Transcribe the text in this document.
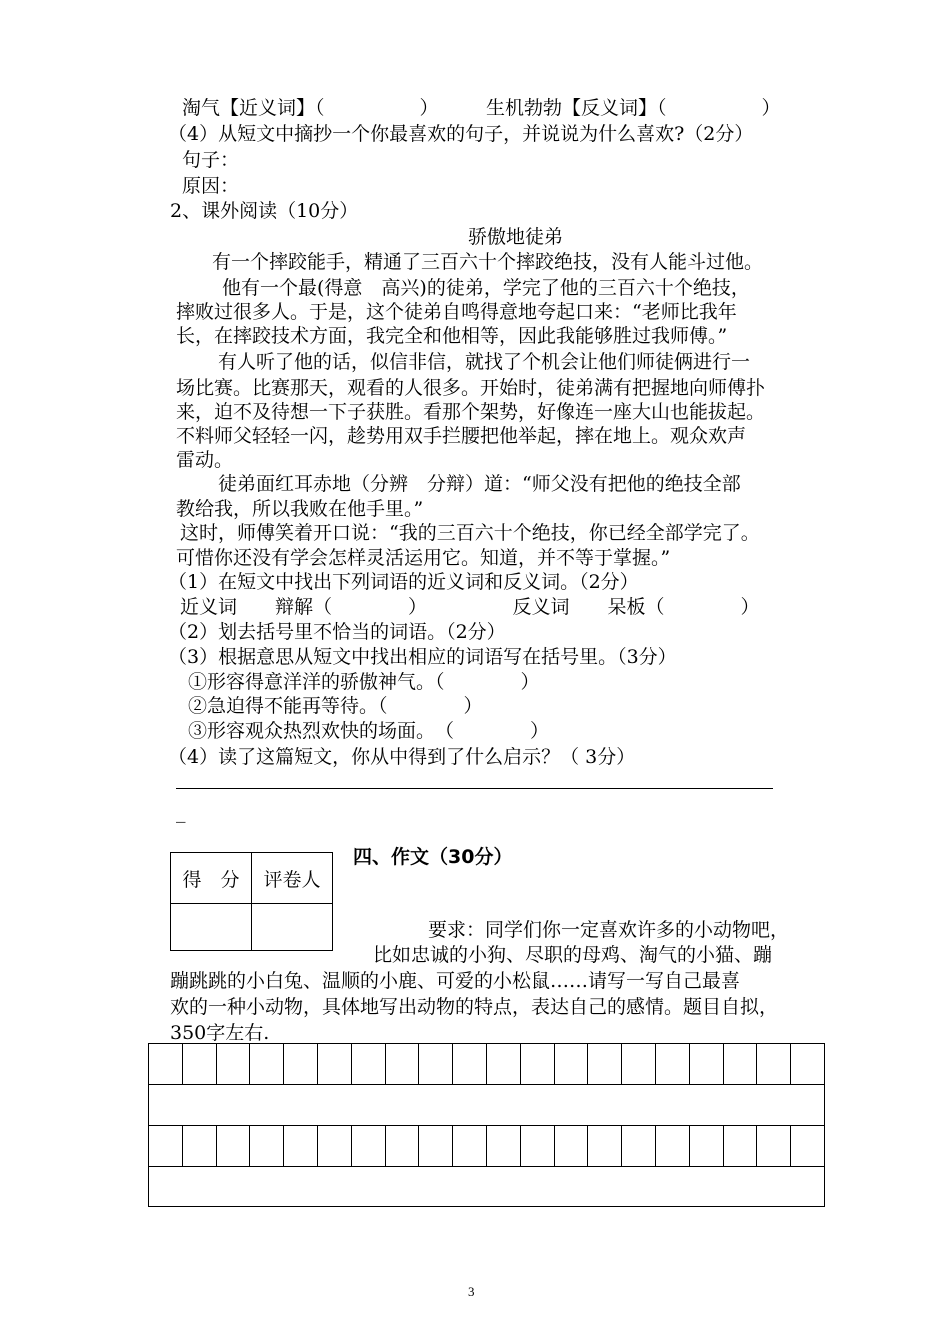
淘气【近义词】（　　　　　）　　　生机勃勃【反义词】（　　　　　）
（4）从短文中摘抄一个你最喜欢的句子，并说说为什么喜欢?（2分）
句子：
原因：
2、课外阅读（10分）
骄傲地徒弟
有一个摔跤能手，精通了三百六十个摔跤绝技，没有人能斗过他。
他有一个最(得意　高兴)的徒弟，学完了他的三百六十个绝技，
摔败过很多人。于是，这个徒弟自鸣得意地夸起口来：“老师比我年
长，在摔跤技术方面，我完全和他相等，因此我能够胜过我师傅。”
有人听了他的话，似信非信，就找了个机会让他们师徒俩进行一
场比赛。比赛那天，观看的人很多。开始时，徒弟满有把握地向师傅扑
来，迫不及待想一下子获胜。看那个架势，好像连一座大山也能拔起。
不料师父轻轻一闪，趁势用双手拦腰把他举起，摔在地上。观众欢声
雷动。
徒弟面红耳赤地（分辨　分辩）道：“师父没有把他的绝技全部
教给我，所以我败在他手里。”
这时，师傅笑着开口说：“我的三百六十个绝技，你已经全部学完了。
可惜你还没有学会怎样灵活运用它。知道，并不等于掌握。”
（1）在短文中找出下列词语的近义词和反义词。（2分）
近义词　　辩解（　　　　）　　　　　反义词　　呆板（　　　　）
（2）划去括号里不恰当的词语。（2分）
（3）根据意思从短文中找出相应的词语写在括号里。（3分）
①形容得意洋洋的骄傲神气。（　　　　）
②急迫得不能再等待。（　　　　）
③形容观众热烈欢快的场面。　（　　　　）
（4）读了这篇短文，你从中得到了什么启示？（ 3分）
_
得　分	评卷人

四、作文（30分）
要求：同学们你一定喜欢许多的小动物吧，
比如忠诚的小狗、尽职的母鸡、淘气的小猫、蹦
蹦跳跳的小白兔、温顺的小鹿、可爱的小松鼠……请写一写自己最喜
欢的一种小动物，具体地写出动物的特点，表达自己的感情。题目自拟，
350字左右.
3
